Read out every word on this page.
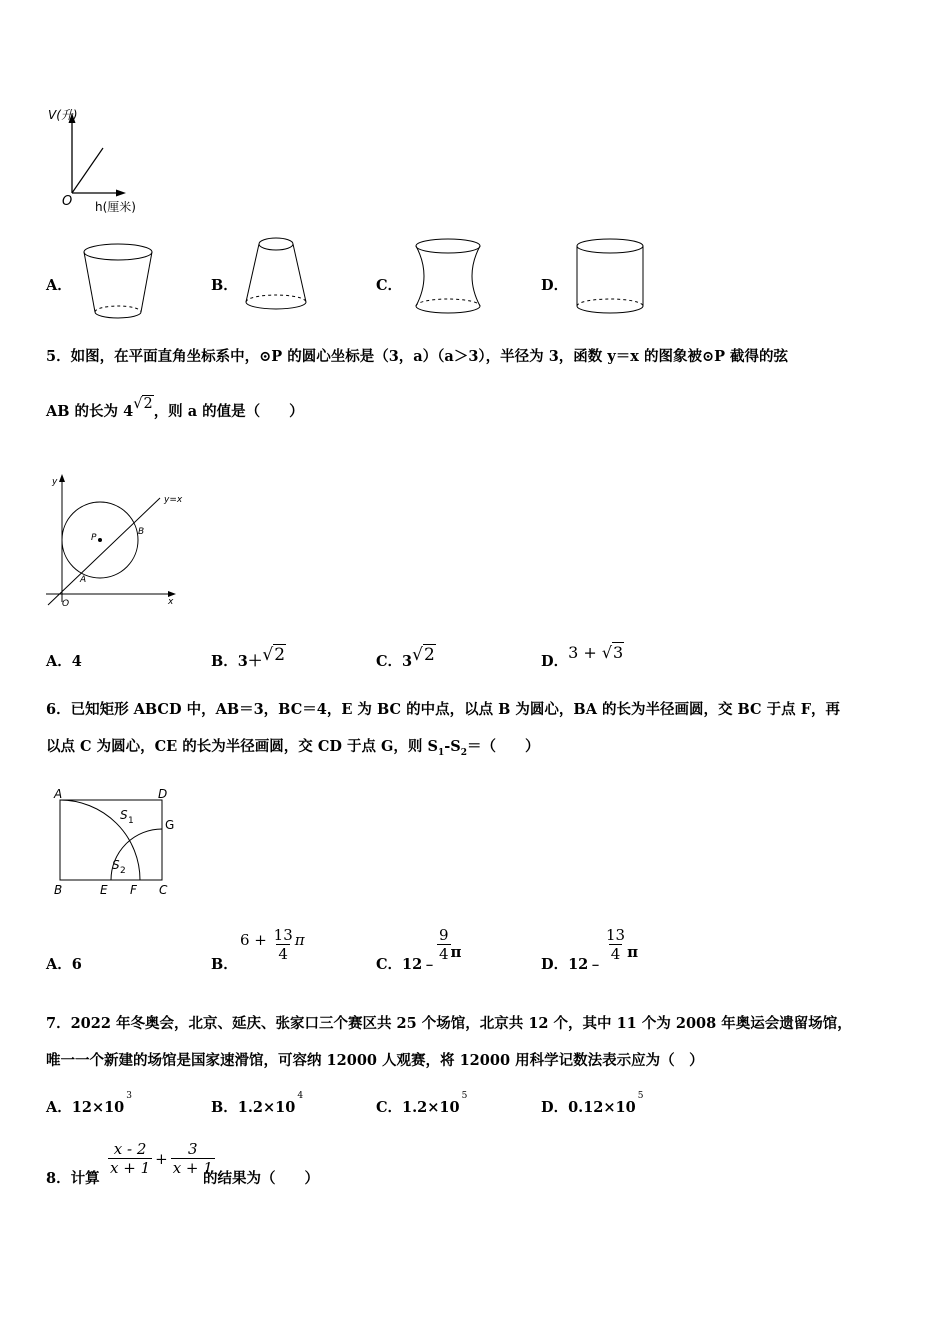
V(升)
O h(厘米)
A．	B．	C．	D．
5．如图，在平面直角坐标系中，⊙P 的圆心坐标是（3，a）（a＞3），半径为 3，函数 y＝x 的图象被⊙P 截得的弦
AB 的长为 4√2，则 a 的值是（　　）
y
x
y=x
O
P
A
B
A．4	B．3＋√2	C．3√2	D．3 + √3
6．已知矩形 ABCD 中，AB＝3，BC＝4，E 为 BC 的中点，以点 B 为圆心，BA 的长为半径画圆，交 BC 于点 F，再
以点 C 为圆心，CE 的长为半径画圆，交 CD 于点 G，则 $S_1-S_2=$（　　）
A	D
G
B	E F C
S 1
S 2
A．6	B．
$6 + \frac{13}{4}$ π
C．12﹣
$\frac{9}{4}$ π
D．12﹣
$\frac{13}{4}$ π
7．2022 年冬奥会，北京、延庆、张家口三个赛区共 25 个场馆，北京共 12 个，其中 11 个为 2008 年奥运会遗留场馆，
唯一一个新建的场馆是国家速滑馆，可容纳 12000 人观赛，将 12000 用科学记数法表示应为（　）
A．$12\times 10^3$
B．$1.2\times 10^4$
C．$1.2\times 10^5$
D．$0.12\times 10^5$
8．计算
$\frac{x - 2}{x + 1} + \frac{3}{x + 1}$
的结果为（　　）
